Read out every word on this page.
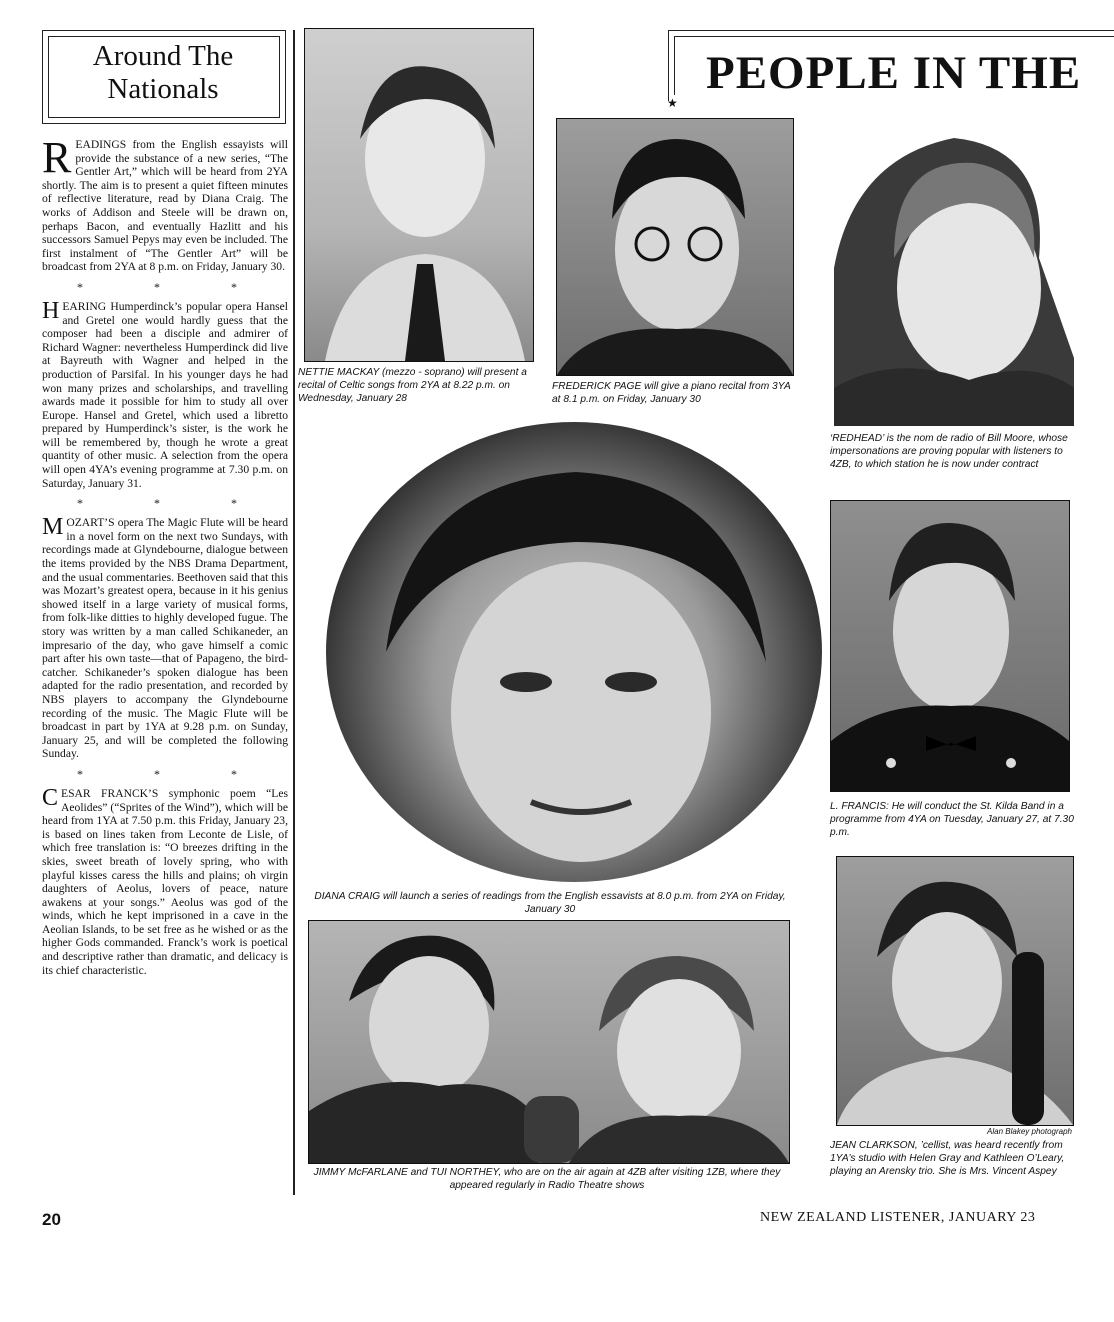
Around The Nationals

READINGS from the English essayists will provide the substance of a new series, “The Gentler Art,” which will be heard from 2YA shortly. The aim is to present a quiet fifteen minutes of reflective literature, read by Diana Craig. The works of Addison and Steele will be drawn on, perhaps Bacon, and eventually Hazlitt and his successors Samuel Pepys may even be included. The first instalment of “The Gentler Art” will be broadcast from 2YA at 8 p.m. on Friday, January 30.

* * *

HEARING Humperdinck’s popular opera Hansel and Gretel one would hardly guess that the composer had been a disciple and admirer of Richard Wagner: nevertheless Humperdinck did live at Bayreuth with Wagner and helped in the production of Parsifal. In his younger days he had won many prizes and scholarships, and travelling awards made it possible for him to study all over Europe. Hansel and Gretel, which used a libretto prepared by Humperdinck’s sister, is the work he will be remembered by, though he wrote a great quantity of other music. A selection from the opera will open 4YA’s evening programme at 7.30 p.m. on Saturday, January 31.

* * *

MOZART’S opera The Magic Flute will be heard in a novel form on the next two Sundays, with recordings made at Glyndebourne, dialogue between the items provided by the NBS Drama Department, and the usual commentaries. Beethoven said that this was Mozart’s greatest opera, because in it his genius showed itself in a large variety of musical forms, from folk-like ditties to highly developed fugue. The story was written by a man called Schikaneder, an impresario of the day, who gave himself a comic part after his own taste—that of Papageno, the bird-catcher. Schikaneder’s spoken dialogue has been adapted for the radio presentation, and recorded by NBS players to accompany the Glyndebourne recording of the music. The Magic Flute will be broadcast in part by 1YA at 9.28 p.m. on Sunday, January 25, and will be completed the following Sunday.

* * *

CESAR FRANCK’S symphonic poem “Les Aeolides” (“Sprites of the Wind”), which will be heard from 1YA at 7.50 p.m. this Friday, January 23, is based on lines taken from Leconte de Lisle, of which free translation is: “O breezes drifting in the skies, sweet breath of lovely spring, who with playful kisses caress the hills and plains; oh virgin daughters of Aeolus, lovers of peace, nature awakens at your songs.” Aeolus was god of the winds, which he kept imprisoned in a cave in the Aeolian Islands, to be set free as he wished or as the higher Gods commanded. Franck’s work is poetical and descriptive rather than dramatic, and delicacy is its chief characteristic.

PEOPLE IN THE
★
NETTIE MACKAY (mezzo - soprano) will present a recital of Celtic songs from 2YA at 8.22 p.m. on Wednesday, January 28
FREDERICK PAGE will give a piano recital from 3YA at 8.1 p.m. on Friday, January 30
‘REDHEAD’ is the nom de radio of Bill Moore, whose impersonations are proving popular with listeners to 4ZB, to which station he is now under contract
DIANA CRAIG will launch a series of readings from the English essavists at 8.0 p.m. from 2YA on Friday, January 30
L. FRANCIS: He will conduct the St. Kilda Band in a programme from 4YA on Tuesday, January 27, at 7.30 p.m.
JIMMY McFARLANE and TUI NORTHEY, who are on the air again at 4ZB after visiting 1ZB, where they appeared regularly in Radio Theatre shows
Alan Blakey photograph
JEAN CLARKSON, ’cellist, was heard recently from 1YA’s studio with Helen Gray and Kathleen O’Leary, playing an Arensky trio. She is Mrs. Vincent Aspey
20	NEW ZEALAND LISTENER, JANUARY 23
